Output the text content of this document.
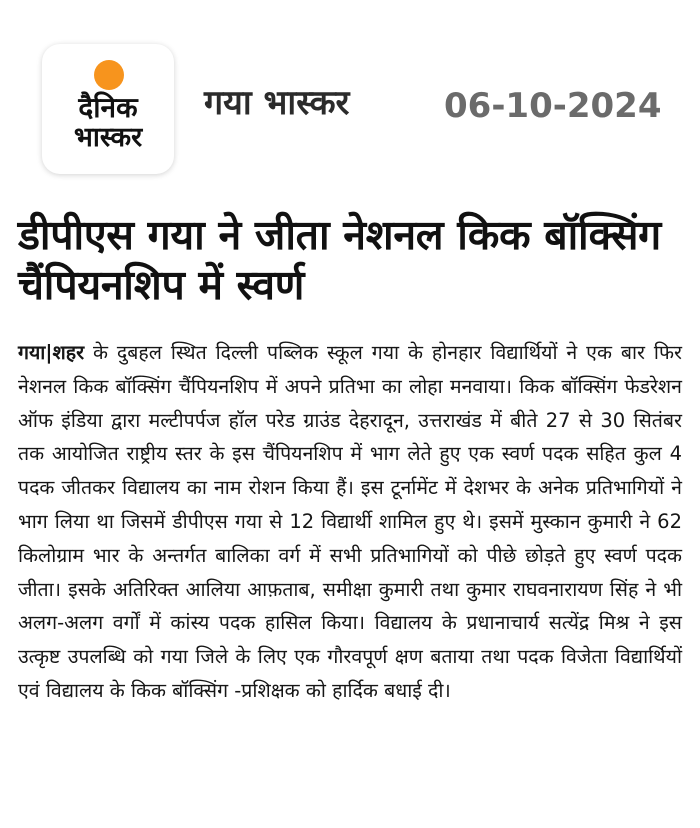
दैनिक
भास्कर
गया भास्कर	06-10-2024
डीपीएस गया ने जीता नेशनल किक बॉक्सिंग चैंपियनशिप में स्वर्ण

गया|शहर के दुबहल स्थित दिल्ली पब्लिक स्कूल गया के होनहार विद्यार्थियों ने एक बार फिर नेशनल किक बॉक्सिंग चैंपियनशिप में अपने प्रतिभा का लोहा मनवाया। किक बॉक्सिंग फेडरेशन ऑफ इंडिया द्वारा मल्टीपर्पज हॉल परेड ग्राउंड देहरादून, उत्तराखंड में बीते 27 से 30 सितंबर तक आयोजित राष्ट्रीय स्तर के इस चैंपियनशिप में भाग लेते हुए एक स्वर्ण पदक सहित कुल 4 पदक जीतकर विद्यालय का नाम रोशन किया हैं। इस टूर्नामेंट में देशभर के अनेक प्रतिभागियों ने भाग लिया था जिसमें डीपीएस गया से 12 विद्यार्थी शामिल हुए थे। इसमें मुस्कान कुमारी ने 62 किलोग्राम भार के अन्तर्गत बालिका वर्ग में सभी प्रतिभागियों को पीछे छोड़ते हुए स्वर्ण पदक जीता। इसके अतिरिक्त आलिया आफ़ताब, समीक्षा कुमारी तथा कुमार राघवनारायण सिंह ने भी अलग-अलग वर्गों में कांस्य पदक हासिल किया। विद्यालय के प्रधानाचार्य सत्येंद्र मिश्र ने इस उत्कृष्ट उपलब्धि को गया जिले के लिए एक गौरवपूर्ण क्षण बताया तथा पदक विजेता विद्यार्थियों एवं विद्यालय के किक बॉक्सिंग -प्रशिक्षक को हार्दिक बधाई दी।
